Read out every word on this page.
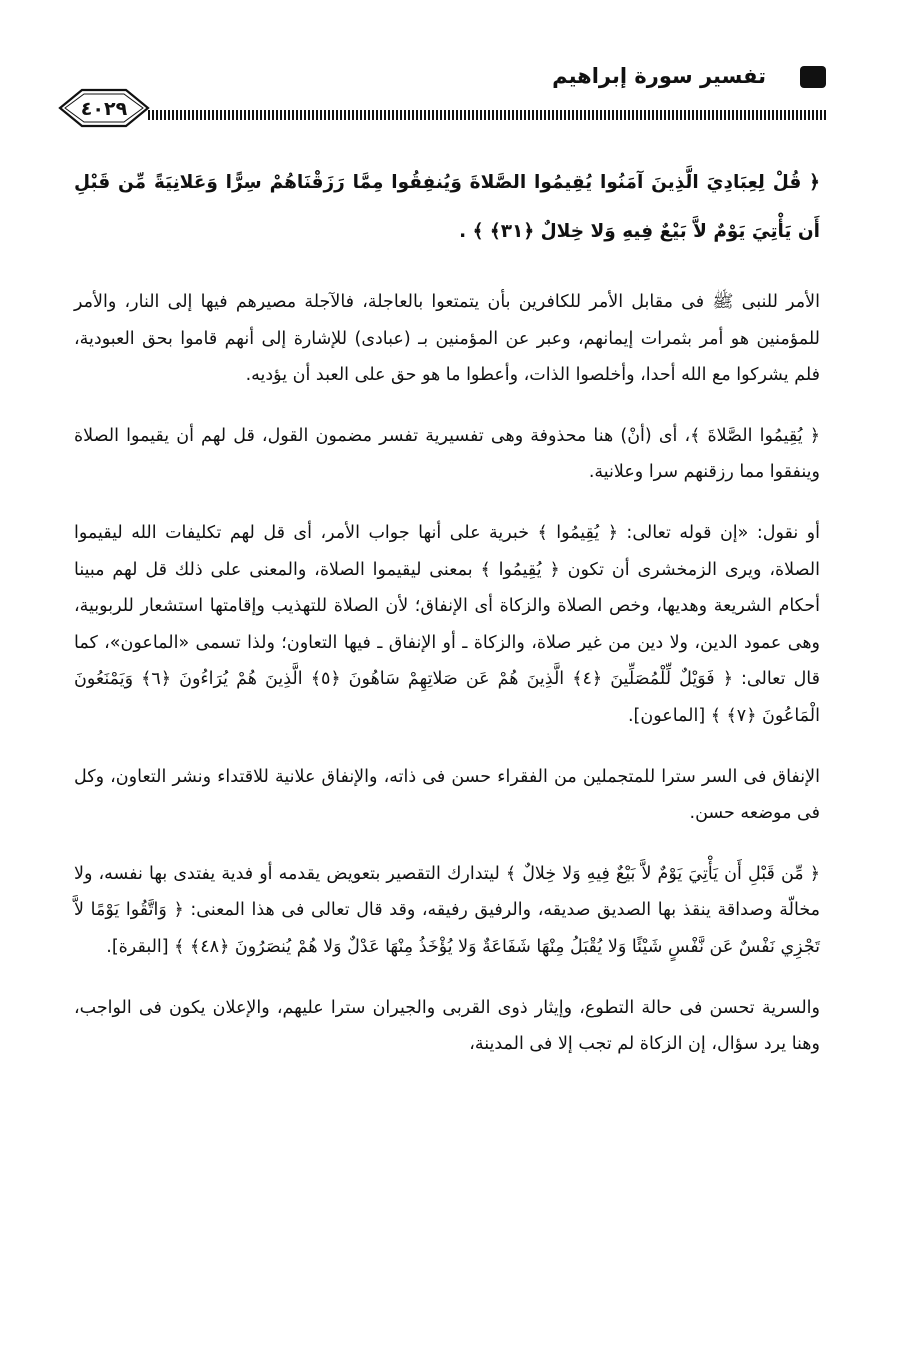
تفسير سورة إبراهيم
٤٠٢٩

﴿ قُلْ لِعِبَادِيَ الَّذِينَ آمَنُوا يُقِيمُوا الصَّلاةَ وَيُنفِقُوا مِمَّا رَزَقْنَاهُمْ سِرًّا وَعَلانِيَةً مِّن قَبْلِ أَن يَأْتِيَ يَوْمٌ لاَّ بَيْعٌ فِيهِ وَلا خِلالٌ ﴿٣١﴾ ﴾ .

الأمر للنبى ﷺ فى مقابل الأمر للكافرين بأن يتمتعوا بالعاجلة، فالآجلة مصيرهم فيها إلى النار، والأمر للمؤمنين هو أمر بثمرات إيمانهم، وعبر عن المؤمنين بـ (عبادى) للإشارة إلى أنهم قاموا بحق العبودية، فلم يشركوا مع الله أحدا، وأخلصوا الذات، وأعطوا ما هو حق على العبد أن يؤديه.

﴿ يُقِيمُوا الصَّلاةَ ﴾، أى (أنْ) هنا محذوفة وهى تفسيرية تفسر مضمون القول، قل لهم أن يقيموا الصلاة وينفقوا مما رزقنهم سرا وعلانية.

أو نقول: «إن قوله تعالى: ﴿ يُقِيمُوا ﴾ خبرية على أنها جواب الأمر، أى قل لهم تكليفات الله ليقيموا الصلاة، ويرى الزمخشرى أن تكون ﴿ يُقِيمُوا ﴾ بمعنى ليقيموا الصلاة، والمعنى على ذلك قل لهم مبينا أحكام الشريعة وهديها، وخص الصلاة والزكاة أى الإنفاق؛ لأن الصلاة للتهذيب وإقامتها استشعار للربوبية، وهى عمود الدين، ولا دين من غير صلاة، والزكاة ـ أو الإنفاق ـ فيها التعاون؛ ولذا تسمى «الماعون»، كما قال تعالى: ﴿ فَوَيْلٌ لِّلْمُصَلِّينَ ﴿٤﴾ الَّذِينَ هُمْ عَن صَلاتِهِمْ سَاهُونَ ﴿٥﴾ الَّذِينَ هُمْ يُرَاءُونَ ﴿٦﴾ وَيَمْنَعُونَ الْمَاعُونَ ﴿٧﴾ ﴾ [الماعون].

الإنفاق فى السر سترا للمتجملين من الفقراء حسن فى ذاته، والإنفاق علانية للاقتداء ونشر التعاون، وكل فى موضعه حسن.

﴿ مِّن قَبْلِ أَن يَأْتِيَ يَوْمٌ لاَّ بَيْعٌ فِيهِ وَلا خِلالٌ ﴾ ليتدارك التقصير بتعويض يقدمه أو فدية يفتدى بها نفسه، ولا مخالّة وصداقة ينقذ بها الصديق صديقه، والرفيق رفيقه، وقد قال تعالى فى هذا المعنى: ﴿ وَاتَّقُوا يَوْمًا لاَّ تَجْزِي نَفْسٌ عَن نَّفْسٍ شَيْئًا وَلا يُقْبَلُ مِنْهَا شَفَاعَةٌ وَلا يُؤْخَذُ مِنْهَا عَدْلٌ وَلا هُمْ يُنصَرُونَ ﴿٤٨﴾ ﴾ [البقرة].

والسرية تحسن فى حالة التطوع، وإيثار ذوى القربى والجيران سترا عليهم، والإعلان يكون فى الواجب، وهنا يرد سؤال، إن الزكاة لم تجب إلا فى المدينة،
